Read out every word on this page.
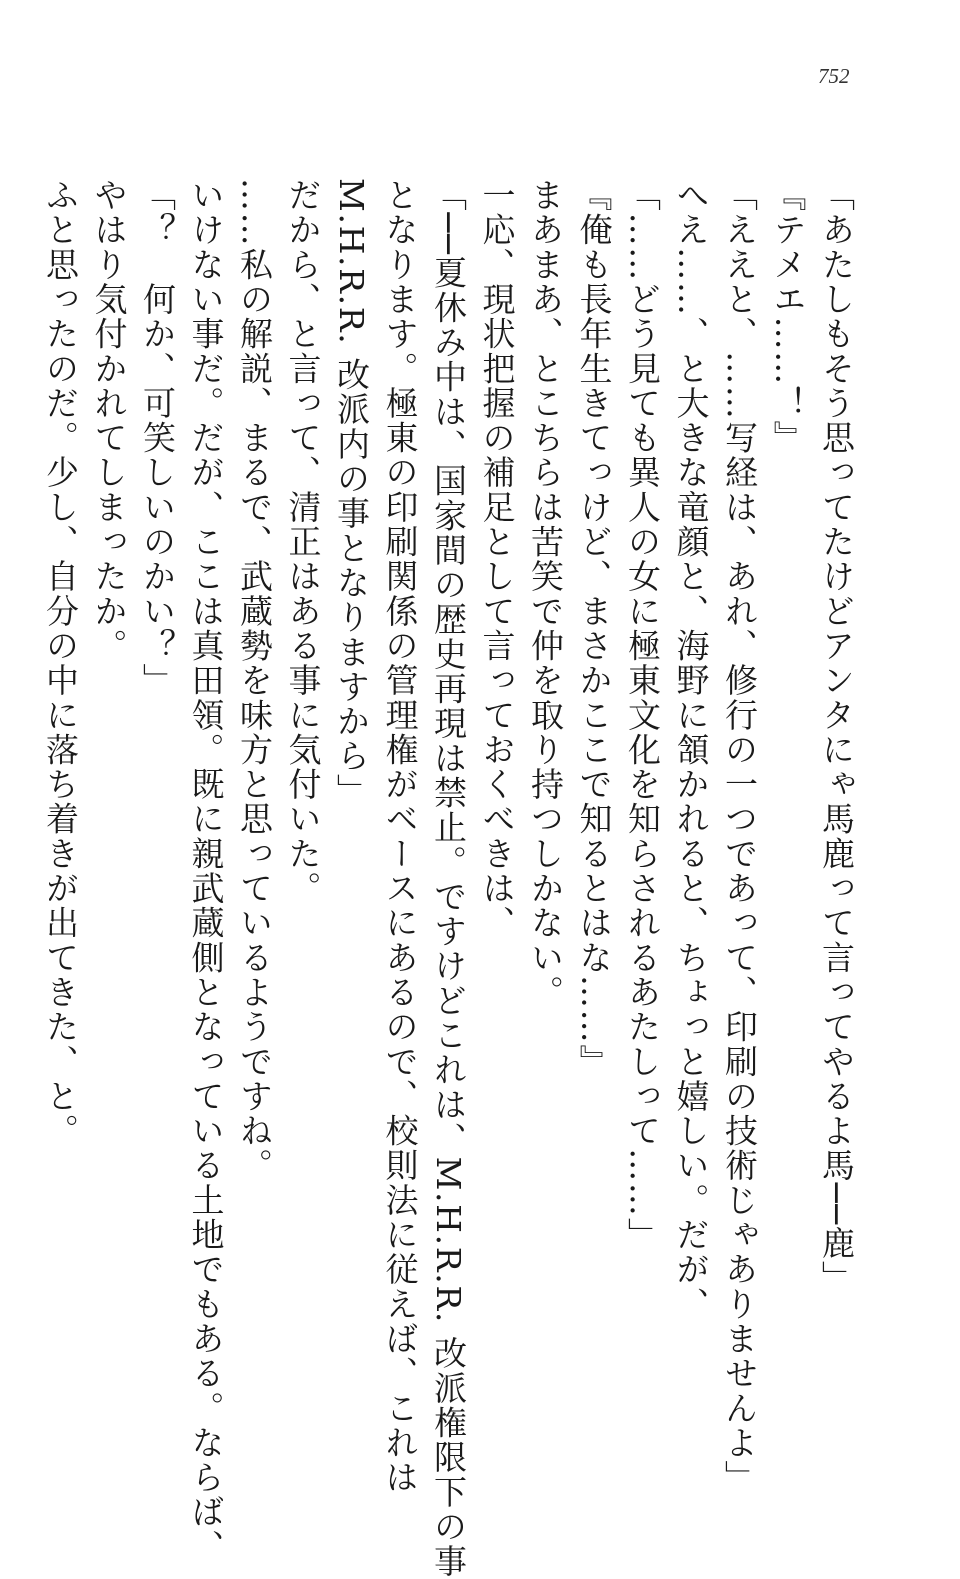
752
「あたしもそう思ってたけどアンタにゃ馬鹿って言ってやるよ馬──鹿」
『テメエ……！』
「ええと、……写経は、あれ、修行の一つであって、印刷の技術じゃありませんよ」
へえ……、と大きな竜顔と、海野に頷かれると、ちょっと嬉しい。だが、
「……どう見ても異人の女に極東文化を知らされるあたしって……」
『俺も長年生きてっけど、まさかここで知るとはな……』
まあまあ、とこちらは苦笑で仲を取り持つしかない。
一応、現状把握の補足として言っておくべきは、
「──夏休み中は、国家間の歴史再現は禁止。ですけどこれは、M.H.R.R. 改派権限下の事
となります。極東の印刷関係の管理権がベースにあるので、校則法に従えば、これは
M.H.R.R. 改派内の事となりますから」
だから、と言って、清正はある事に気付いた。
……私の解説、まるで、武蔵勢を味方と思っているようですね。
いけない事だ。だが、ここは真田領。既に親武蔵側となっている土地でもある。ならば、
「？　何か、可笑しいのかい？」
やはり気付かれてしまったか。
ふと思ったのだ。少し、自分の中に落ち着きが出てきた、と。
